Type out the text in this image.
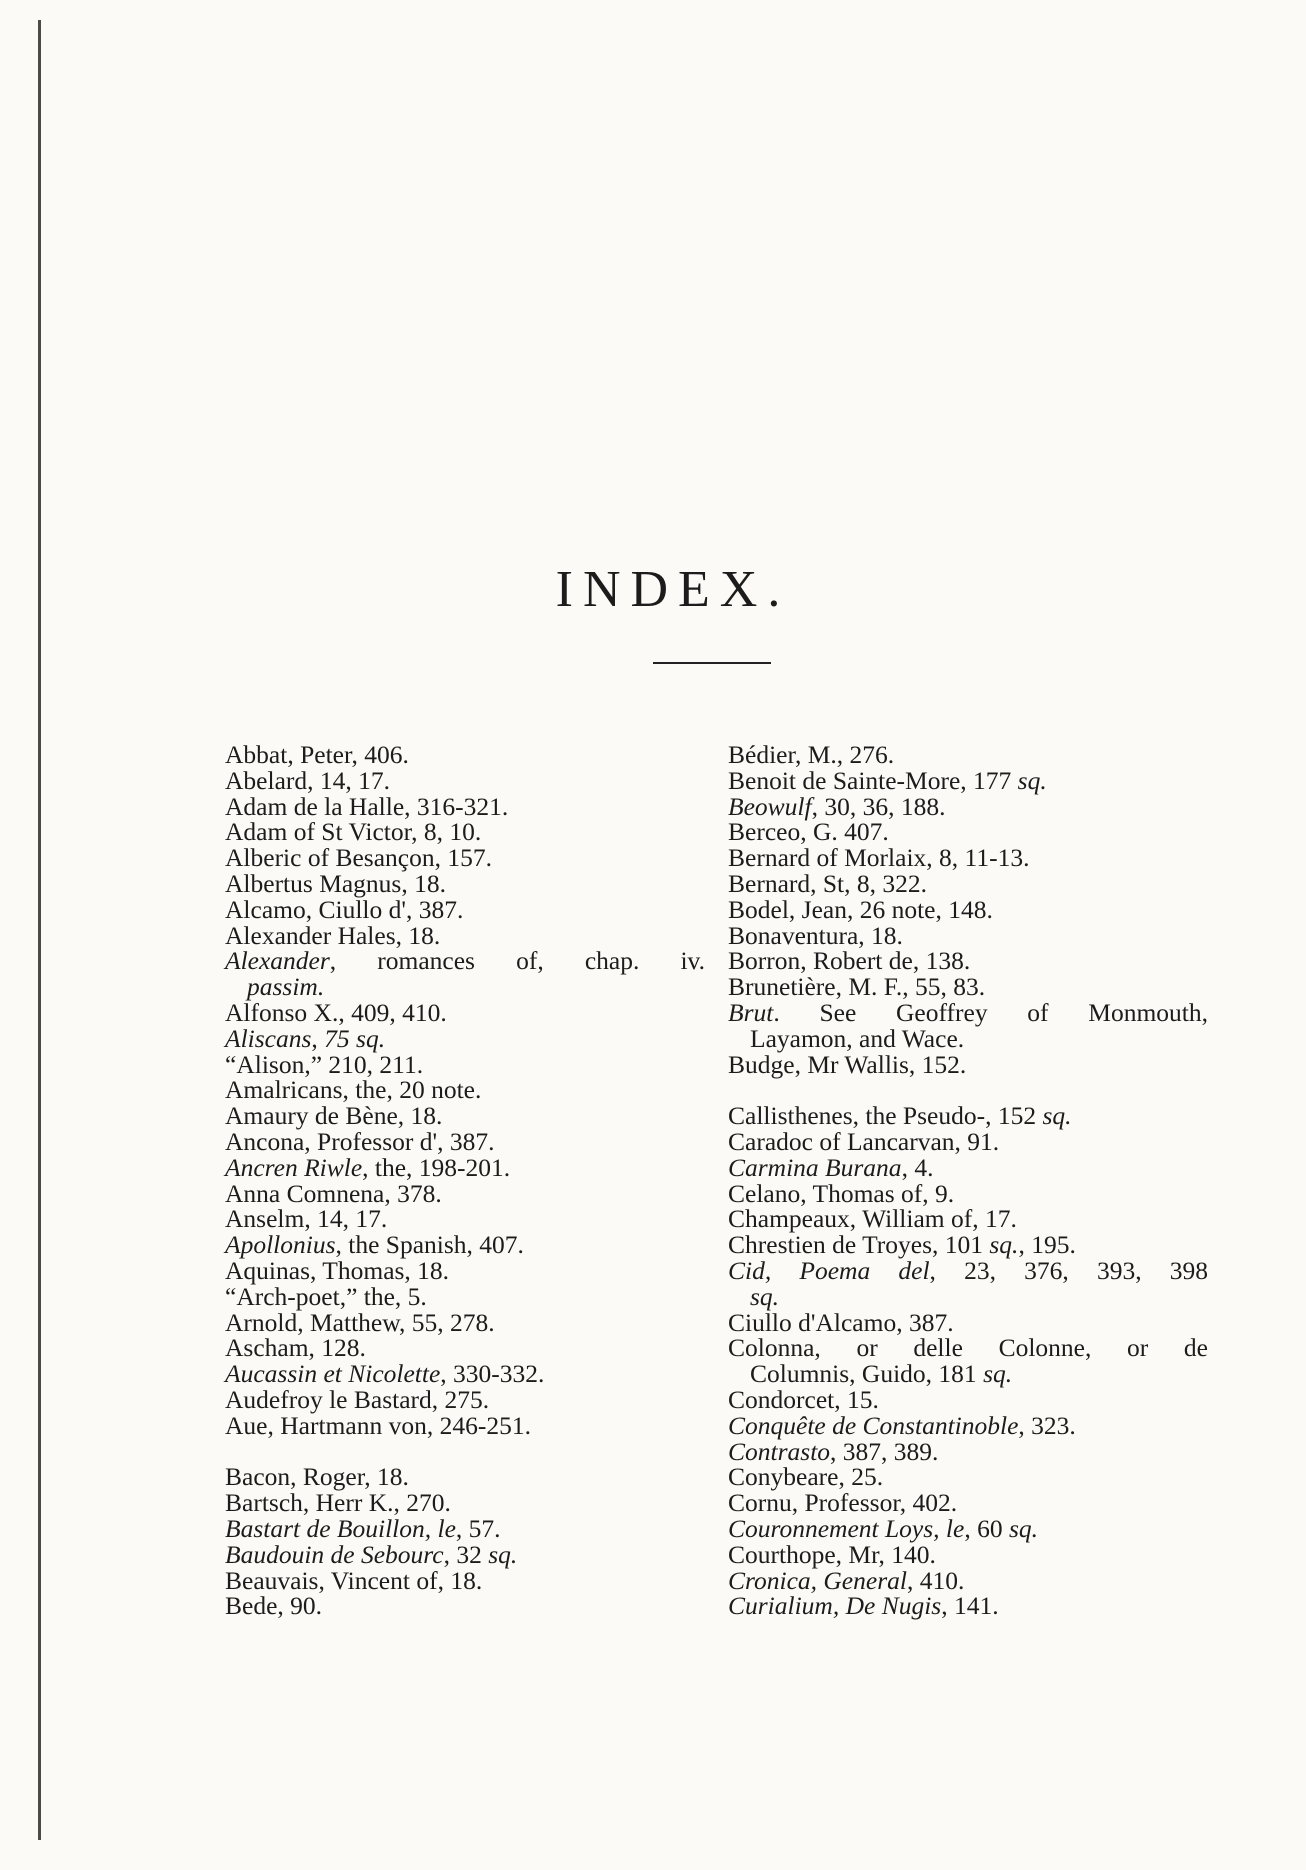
INDEX.
Abbat, Peter, 406.
Abelard, 14, 17.
Adam de la Halle, 316-321.
Adam of St Victor, 8, 10.
Alberic of Besançon, 157.
Albertus Magnus, 18.
Alcamo, Ciullo d', 387.
Alexander Hales, 18.
Alexander, romances of, chap. iv.
passim.
Alfonso X., 409, 410.
Aliscans, 75 sq.
“Alison,” 210, 211.
Amalricans, the, 20 note.
Amaury de Bène, 18.
Ancona, Professor d', 387.
Ancren Riwle, the, 198-201.
Anna Comnena, 378.
Anselm, 14, 17.
Apollonius, the Spanish, 407.
Aquinas, Thomas, 18.
“Arch-poet,” the, 5.
Arnold, Matthew, 55, 278.
Ascham, 128.
Aucassin et Nicolette, 330-332.
Audefroy le Bastard, 275.
Aue, Hartmann von, 246-251.
Bacon, Roger, 18.
Bartsch, Herr K., 270.
Bastart de Bouillon, le, 57.
Baudouin de Sebourc, 32 sq.
Beauvais, Vincent of, 18.
Bede, 90.
Bédier, M., 276.
Benoit de Sainte-More, 177 sq.
Beowulf, 30, 36, 188.
Berceo, G. 407.
Bernard of Morlaix, 8, 11-13.
Bernard, St, 8, 322.
Bodel, Jean, 26 note, 148.
Bonaventura, 18.
Borron, Robert de, 138.
Brunetière, M. F., 55, 83.
Brut. See Geoffrey of Monmouth,
Layamon, and Wace.
Budge, Mr Wallis, 152.
Callisthenes, the Pseudo-, 152 sq.
Caradoc of Lancarvan, 91.
Carmina Burana, 4.
Celano, Thomas of, 9.
Champeaux, William of, 17.
Chrestien de Troyes, 101 sq., 195.
Cid, Poema del, 23, 376, 393, 398
sq.
Ciullo d'Alcamo, 387.
Colonna, or delle Colonne, or de
Columnis, Guido, 181 sq.
Condorcet, 15.
Conquête de Constantinoble, 323.
Contrasto, 387, 389.
Conybeare, 25.
Cornu, Professor, 402.
Couronnement Loys, le, 60 sq.
Courthope, Mr, 140.
Cronica, General, 410.
Curialium, De Nugis, 141.
